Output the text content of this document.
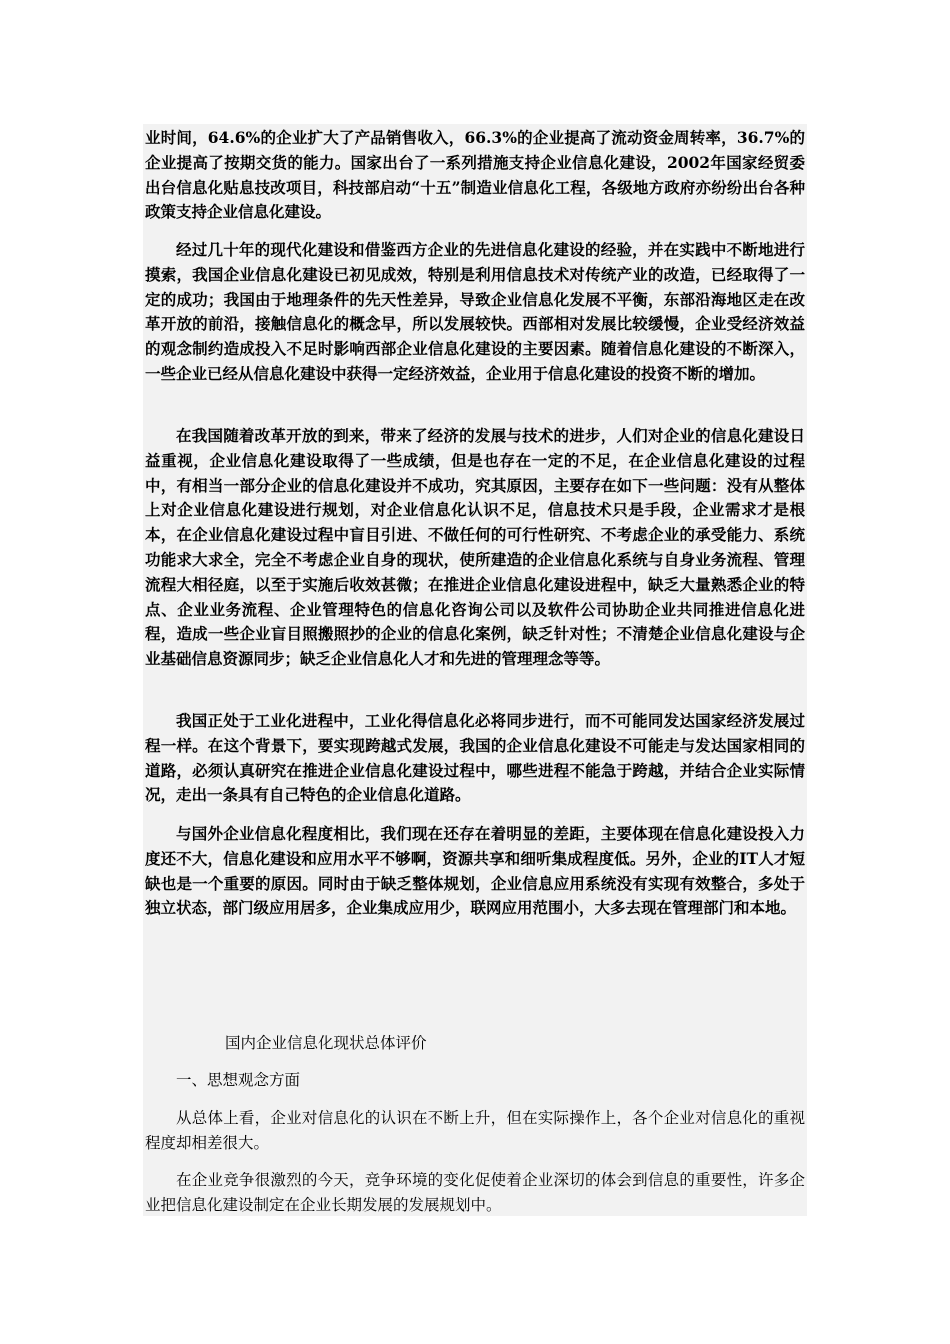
业时间，64.6%的企业扩大了产品销售收入，66.3%的企业提高了流动资金周转率，36.7%的企业提高了按期交货的能力。国家出台了一系列措施支持企业信息化建设，2002年国家经贸委出台信息化贴息技改项目，科技部启动“十五”制造业信息化工程，各级地方政府亦纷纷出台各种政策支持企业信息化建设。

经过几十年的现代化建设和借鉴西方企业的先进信息化建设的经验，并在实践中不断地进行摸索，我国企业信息化建设已初见成效，特别是利用信息技术对传统产业的改造，已经取得了一定的成功；我国由于地理条件的先天性差异，导致企业信息化发展不平衡，东部沿海地区走在改革开放的前沿，接触信息化的概念早，所以发展较快。西部相对发展比较缓慢，企业受经济效益的观念制约造成投入不足时影响西部企业信息化建设的主要因素。随着信息化建设的不断深入，一些企业已经从信息化建设中获得一定经济效益，企业用于信息化建设的投资不断的增加。

在我国随着改革开放的到来，带来了经济的发展与技术的进步，人们对企业的信息化建设日益重视，企业信息化建设取得了一些成绩，但是也存在一定的不足，在企业信息化建设的过程中，有相当一部分企业的信息化建设并不成功，究其原因，主要存在如下一些问题：没有从整体上对企业信息化建设进行规划，对企业信息化认识不足，信息技术只是手段，企业需求才是根本，在企业信息化建设过程中盲目引进、不做任何的可行性研究、不考虑企业的承受能力、系统功能求大求全，完全不考虑企业自身的现状，使所建造的企业信息化系统与自身业务流程、管理流程大相径庭，以至于实施后收效甚微；在推进企业信息化建设进程中，缺乏大量熟悉企业的特点、企业业务流程、企业管理特色的信息化咨询公司以及软件公司协助企业共同推进信息化进程，造成一些企业盲目照搬照抄的企业的信息化案例，缺乏针对性；不清楚企业信息化建设与企业基础信息资源同步；缺乏企业信息化人才和先进的管理理念等等。

我国正处于工业化进程中，工业化得信息化必将同步进行，而不可能同发达国家经济发展过程一样。在这个背景下，要实现跨越式发展，我国的企业信息化建设不可能走与发达国家相同的道路，必须认真研究在推进企业信息化建设过程中，哪些进程不能急于跨越，并结合企业实际情况，走出一条具有自己特色的企业信息化道路。

与国外企业信息化程度相比，我们现在还存在着明显的差距，主要体现在信息化建设投入力度还不大，信息化建设和应用水平不够啊，资源共享和细听集成程度低。另外，企业的IT人才短缺也是一个重要的原因。同时由于缺乏整体规划，企业信息应用系统没有实现有效整合，多处于独立状态，部门级应用居多，企业集成应用少，联网应用范围小，大多去现在管理部门和本地。

国内企业信息化现状总体评价
一、思想观念方面

从总体上看，企业对信息化的认识在不断上升，但在实际操作上，各个企业对信息化的重视程度却相差很大。

在企业竞争很激烈的今天，竞争环境的变化促使着企业深切的体会到信息的重要性，许多企业把信息化建设制定在企业长期发展的发展规划中。
